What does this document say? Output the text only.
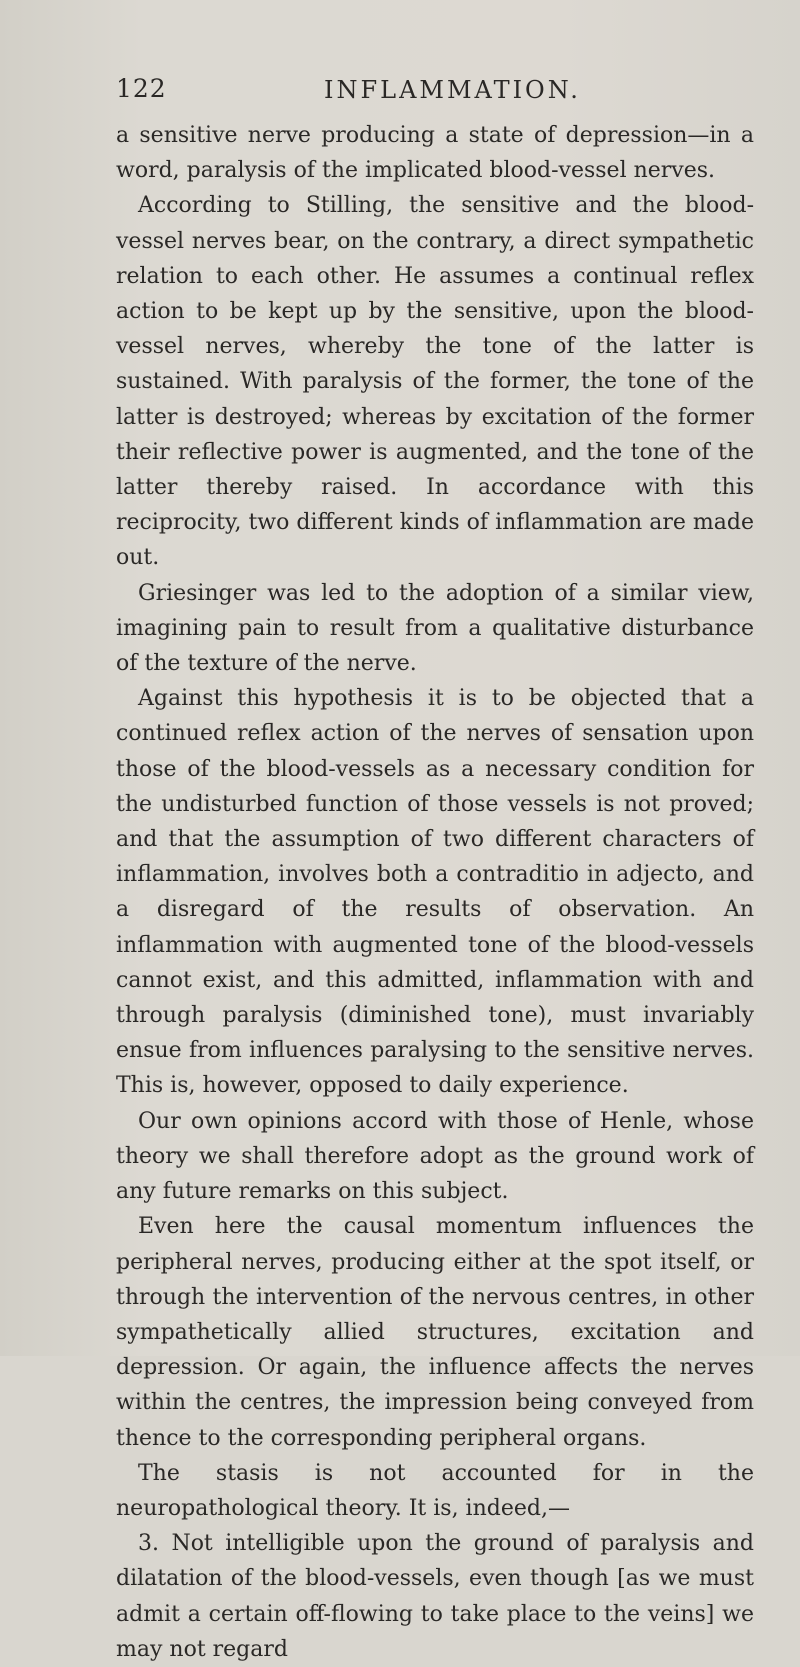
122	INFLAMMATION.

a sensitive nerve producing a state of depression—in a word, paralysis of the implicated blood-vessel nerves.

According to Stilling, the sensitive and the blood-vessel nerves bear, on the contrary, a direct sympathetic relation to each other. He assumes a continual reflex action to be kept up by the sensitive, upon the blood-vessel nerves, whereby the tone of the latter is sustained. With paralysis of the former, the tone of the latter is destroyed; whereas by excitation of the former their reflective power is augmented, and the tone of the latter thereby raised. In accordance with this reciprocity, two different kinds of inflammation are made out.

Griesinger was led to the adoption of a similar view, imagining pain to result from a qualitative disturbance of the texture of the nerve.

Against this hypothesis it is to be objected that a continued reflex action of the nerves of sensation upon those of the blood-vessels as a necessary condition for the undisturbed function of those vessels is not proved; and that the assumption of two different characters of inflammation, involves both a contraditio in adjecto, and a disregard of the results of observation. An inflammation with augmented tone of the blood-vessels cannot exist, and this admitted, inflammation with and through paralysis (diminished tone), must invariably ensue from influences paralysing to the sensitive nerves. This is, however, opposed to daily experience.

Our own opinions accord with those of Henle, whose theory we shall therefore adopt as the ground work of any future remarks on this subject.

Even here the causal momentum influences the peripheral nerves, producing either at the spot itself, or through the intervention of the nervous centres, in other sympathetically allied structures, excitation and depression. Or again, the influence affects the nerves within the centres, the impression being conveyed from thence to the corresponding peripheral organs.

The stasis is not accounted for in the neuropathological theory. It is, indeed,—

3. Not intelligible upon the ground of paralysis and dilatation of the blood-vessels, even though [as we must admit a certain off-flowing to take place to the veins] we may not regard
